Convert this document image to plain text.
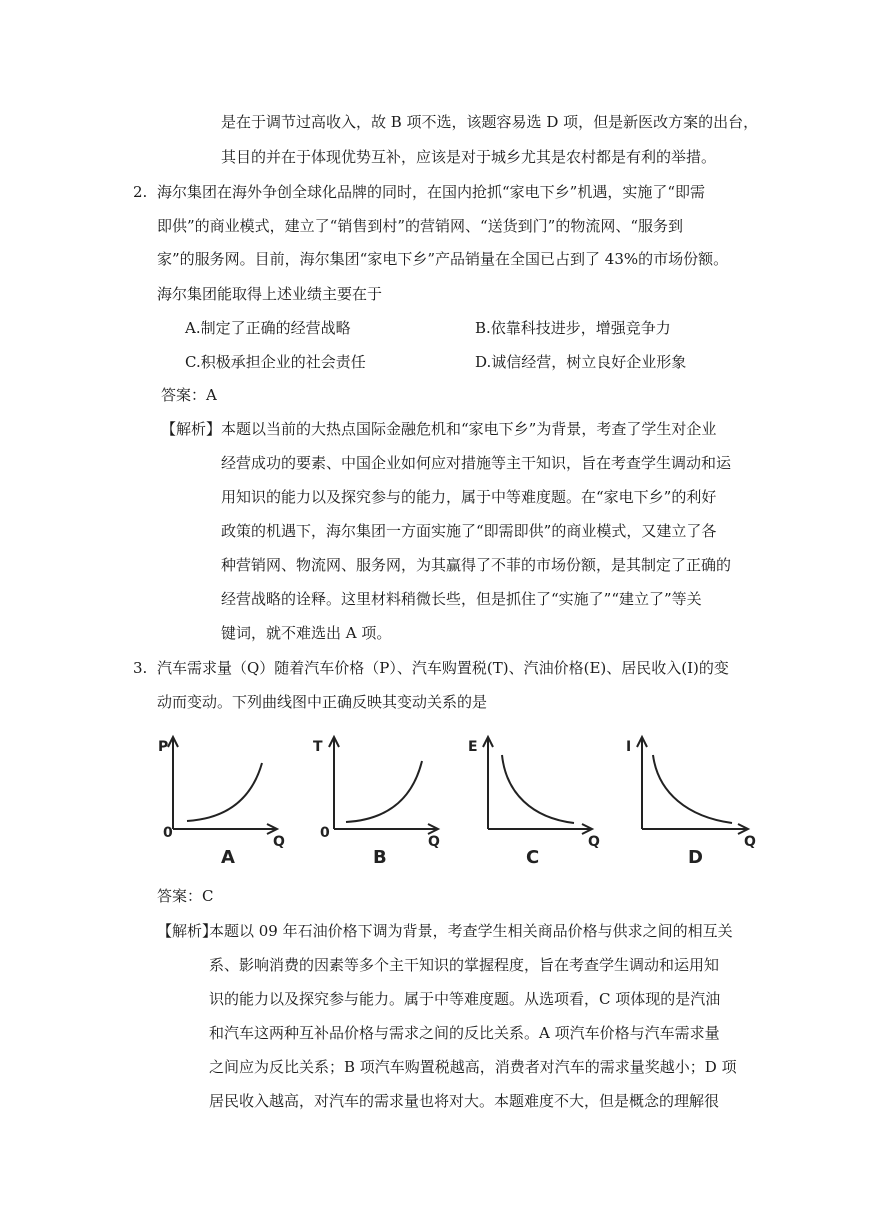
是在于调节过高收入，故 B 项不选，该题容易选 D 项，但是新医改方案的出台，
其目的并在于体现优势互补，应该是对于城乡尤其是农村都是有利的举措。
2. 海尔集团在海外争创全球化品牌的同时，在国内抢抓“家电下乡”机遇，实施了“即需
即供”的商业模式，建立了“销售到村”的营销网、“送货到门”的物流网、“服务到
家”的服务网。目前，海尔集团“家电下乡”产品销量在全国已占到了 43%的市场份额。
海尔集团能取得上述业绩主要在于
A.制定了正确的经营战略	B.依靠科技进步，增强竞争力
C.积极承担企业的社会责任	D.诚信经营，树立良好企业形象
答案：A
【解析】 本题以当前的大热点国际金融危机和“家电下乡”为背景，考查了学生对企业
经营成功的要素、中国企业如何应对措施等主干知识，旨在考查学生调动和运
用知识的能力以及探究参与的能力，属于中等难度题。在“家电下乡”的利好
政策的机遇下，海尔集团一方面实施了“即需即供”的商业模式，又建立了各
种营销网、物流网、服务网，为其赢得了不菲的市场份额，是其制定了正确的
经营战略的诠释。这里材料稍微长些，但是抓住了“实施了”“建立了”等关
键词，就不难选出 A 项。
3. 汽车需求量（Q）随着汽车价格（P）、汽车购置税(T)、汽油价格(E)、居民收入(I)的变
动而变动。下列曲线图中正确反映其变动关系的是
P
Q
0
A
T
Q
0
B
E
Q
C
I
Q
D
答案：C
【解析】
本题以 09 年石油价格下调为背景，考查学生相关商品价格与供求之间的相互关
系、影响消费的因素等多个主干知识的掌握程度，旨在考查学生调动和运用知
识的能力以及探究参与能力。属于中等难度题。从选项看，C 项体现的是汽油
和汽车这两种互补品价格与需求之间的反比关系。A 项汽车价格与汽车需求量
之间应为反比关系；B 项汽车购置税越高，消费者对汽车的需求量奖越小；D 项
居民收入越高，对汽车的需求量也将对大。本题难度不大，但是概念的理解很
